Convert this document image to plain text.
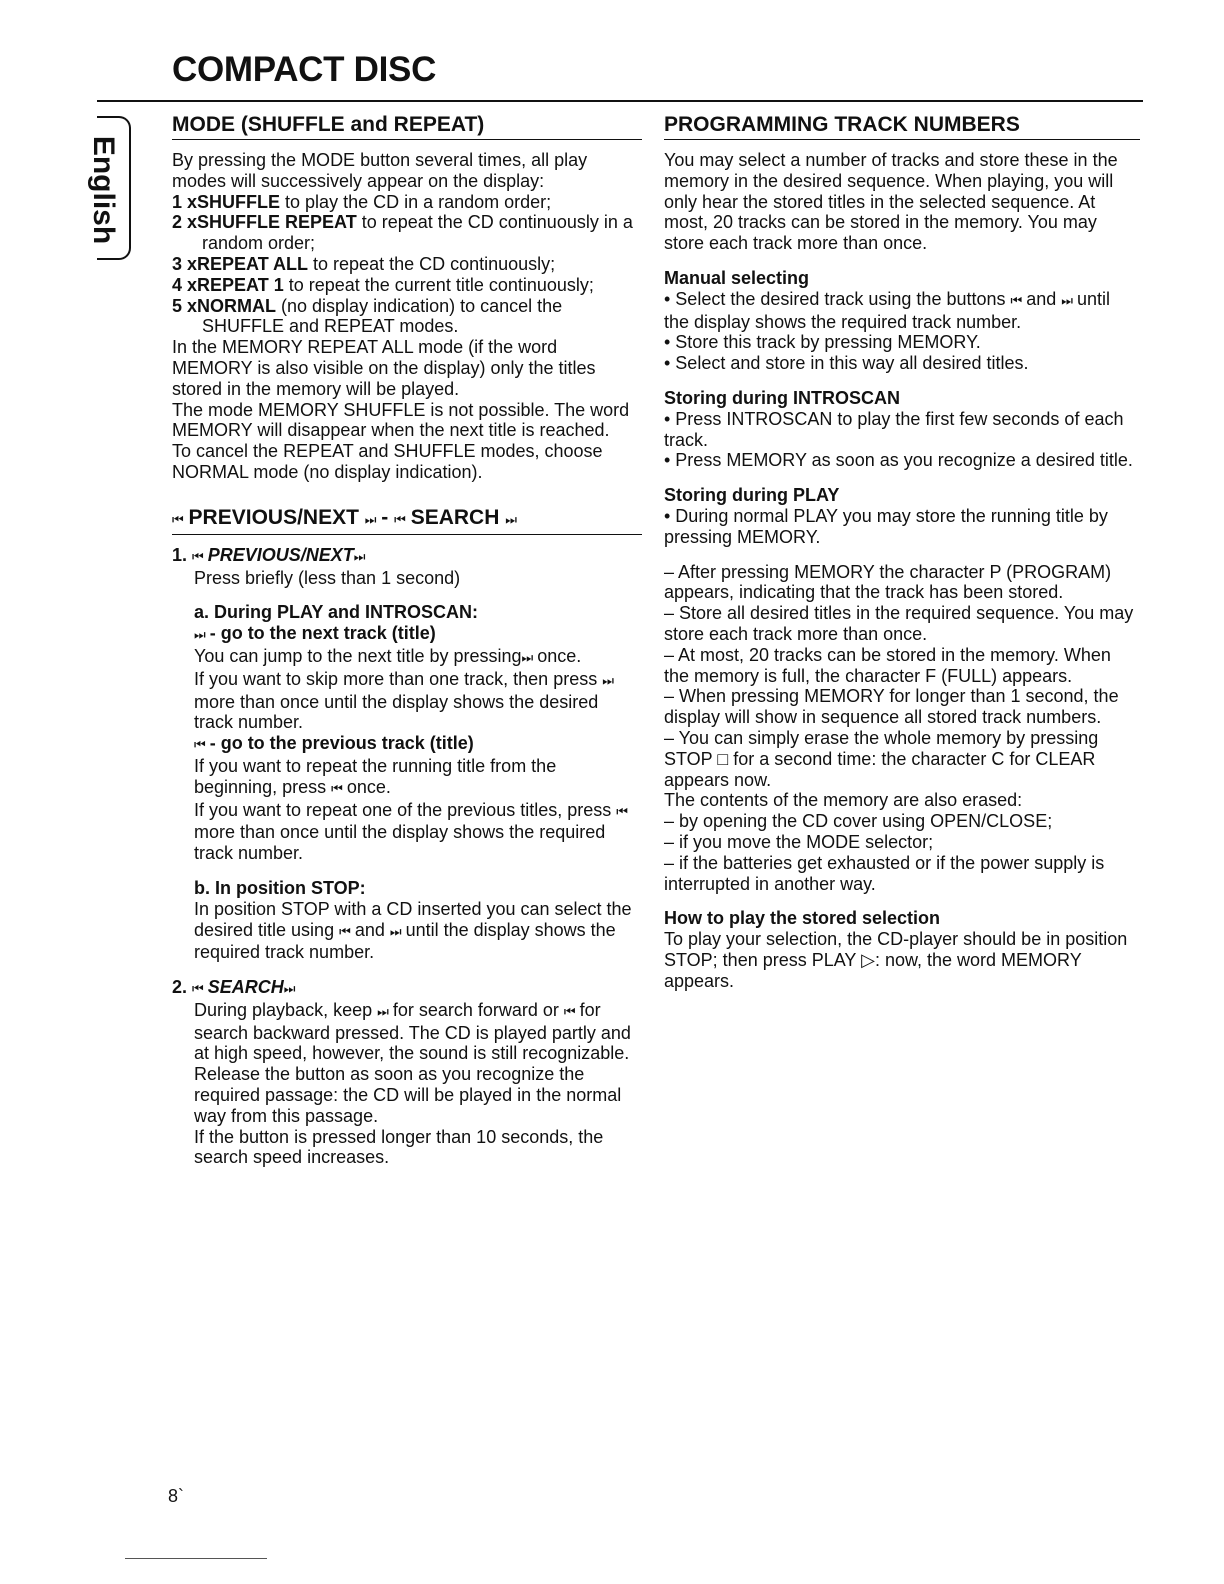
COMPACT DISC
English
MODE (SHUFFLE and REPEAT)

By pressing the MODE button several times, all play modes will successively appear on the display:

1 xSHUFFLE to play the CD in a random order;

2 xSHUFFLE REPEAT to repeat the CD continuously in a random order;

3 xREPEAT ALL to repeat the CD continuously;

4 xREPEAT 1 to repeat the current title continuously;

5 xNORMAL (no display indication) to cancel the SHUFFLE and REPEAT modes.

In the MEMORY REPEAT ALL mode (if the word MEMORY is also visible on the display) only the titles stored in the memory will be played.

The mode MEMORY SHUFFLE is not possible. The word MEMORY will disappear when the next title is reached.

To cancel the REPEAT and SHUFFLE modes, choose NORMAL mode (no display indication).

⏮ PREVIOUS/NEXT ⏭ - ⏮ SEARCH ⏭

1. ⏮ PREVIOUS/NEXT⏭

Press briefly (less than 1 second)

a. During PLAY and INTROSCAN:

⏭ - go to the next track (title)

You can jump to the next title by pressing⏭ once.

If you want to skip more than one track, then press ⏭ more than once until the display shows the desired track number.

⏮ - go to the previous track (title)

If you want to repeat the running title from the beginning, press ⏮ once.

If you want to repeat one of the previous titles, press ⏮ more than once until the display shows the required track number.

b. In position STOP:

In position STOP with a CD inserted you can select the desired title using ⏮ and ⏭ until the display shows the required track number.

2. ⏮ SEARCH⏭

During playback, keep ⏭ for search forward or ⏮ for search backward pressed. The CD is played partly and at high speed, however, the sound is still recognizable.

Release the button as soon as you recognize the required passage: the CD will be played in the normal way from this passage.

If the button is pressed longer than 10 seconds, the search speed increases.

PROGRAMMING TRACK NUMBERS

You may select a number of tracks and store these in the memory in the desired sequence. When playing, you will only hear the stored titles in the selected sequence. At most, 20 tracks can be stored in the memory. You may store each track more than once.

Manual selecting

• Select the desired track using the buttons ⏮ and ⏭ until the display shows the required track number.

• Store this track by pressing MEMORY.

• Select and store in this way all desired titles.

Storing during INTROSCAN

• Press INTROSCAN to play the first few seconds of each track.

• Press MEMORY as soon as you recognize a desired title.

Storing during PLAY

• During normal PLAY you may store the running title by pressing MEMORY.

– After pressing MEMORY the character P (PROGRAM) appears, indicating that the track has been stored.

– Store all desired titles in the required sequence. You may store each track more than once.

– At most, 20 tracks can be stored in the memory. When the memory is full, the character F (FULL) appears.

– When pressing MEMORY for longer than 1 second, the display will show in sequence all stored track numbers.

– You can simply erase the whole memory by pressing STOP □ for a second time: the character C for CLEAR appears now.

The contents of the memory are also erased:

– by opening the CD cover using OPEN/CLOSE;

– if you move the MODE selector;

– if the batteries get exhausted or if the power supply is interrupted in another way.

How to play the stored selection

To play your selection, the CD-player should be in position STOP; then press PLAY ▷: now, the word MEMORY appears.

8`
